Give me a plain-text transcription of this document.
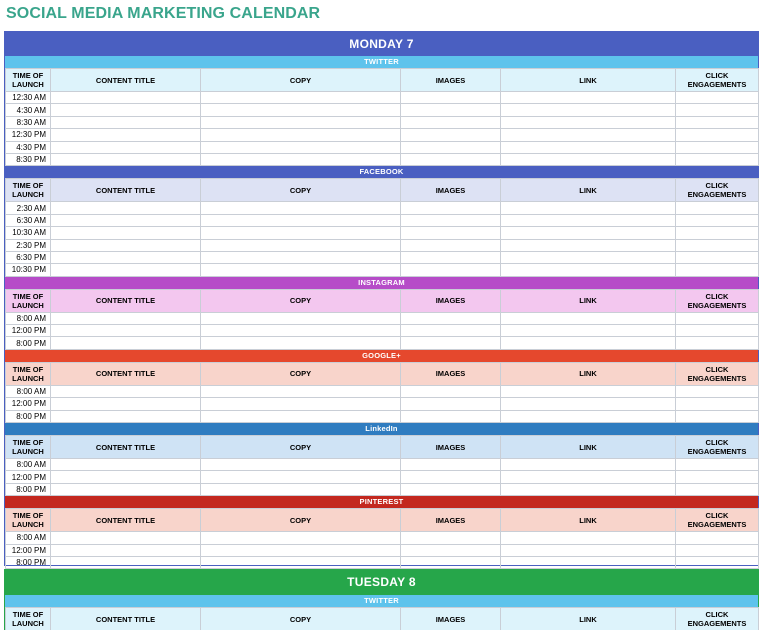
SOCIAL MEDIA MARKETING CALENDAR
MONDAY 7
TWITTER
TIME OF LAUNCH	CONTENT TITLE	COPY	IMAGES	LINK	CLICK ENGAGEMENTS
12:30 AM					
4:30 AM					
8:30 AM					
12:30 PM					
4:30 PM					
8:30 PM					
FACEBOOK
TIME OF LAUNCH	CONTENT TITLE	COPY	IMAGES	LINK	CLICK ENGAGEMENTS
2:30 AM					
6:30 AM					
10:30 AM					
2:30 PM					
6:30 PM					
10:30 PM					
INSTAGRAM
TIME OF LAUNCH	CONTENT TITLE	COPY	IMAGES	LINK	CLICK ENGAGEMENTS
8:00 AM					
12:00 PM					
8:00 PM					
GOOGLE+
TIME OF LAUNCH	CONTENT TITLE	COPY	IMAGES	LINK	CLICK ENGAGEMENTS
8:00 AM					
12:00 PM					
8:00 PM					
LinkedIn
TIME OF LAUNCH	CONTENT TITLE	COPY	IMAGES	LINK	CLICK ENGAGEMENTS
8:00 AM					
12:00 PM					
8:00 PM					
PINTEREST
TIME OF LAUNCH	CONTENT TITLE	COPY	IMAGES	LINK	CLICK ENGAGEMENTS
8:00 AM					
12:00 PM					
8:00 PM					
TUESDAY 8
TWITTER
TIME OF LAUNCH	CONTENT TITLE	COPY	IMAGES	LINK	CLICK ENGAGEMENTS
